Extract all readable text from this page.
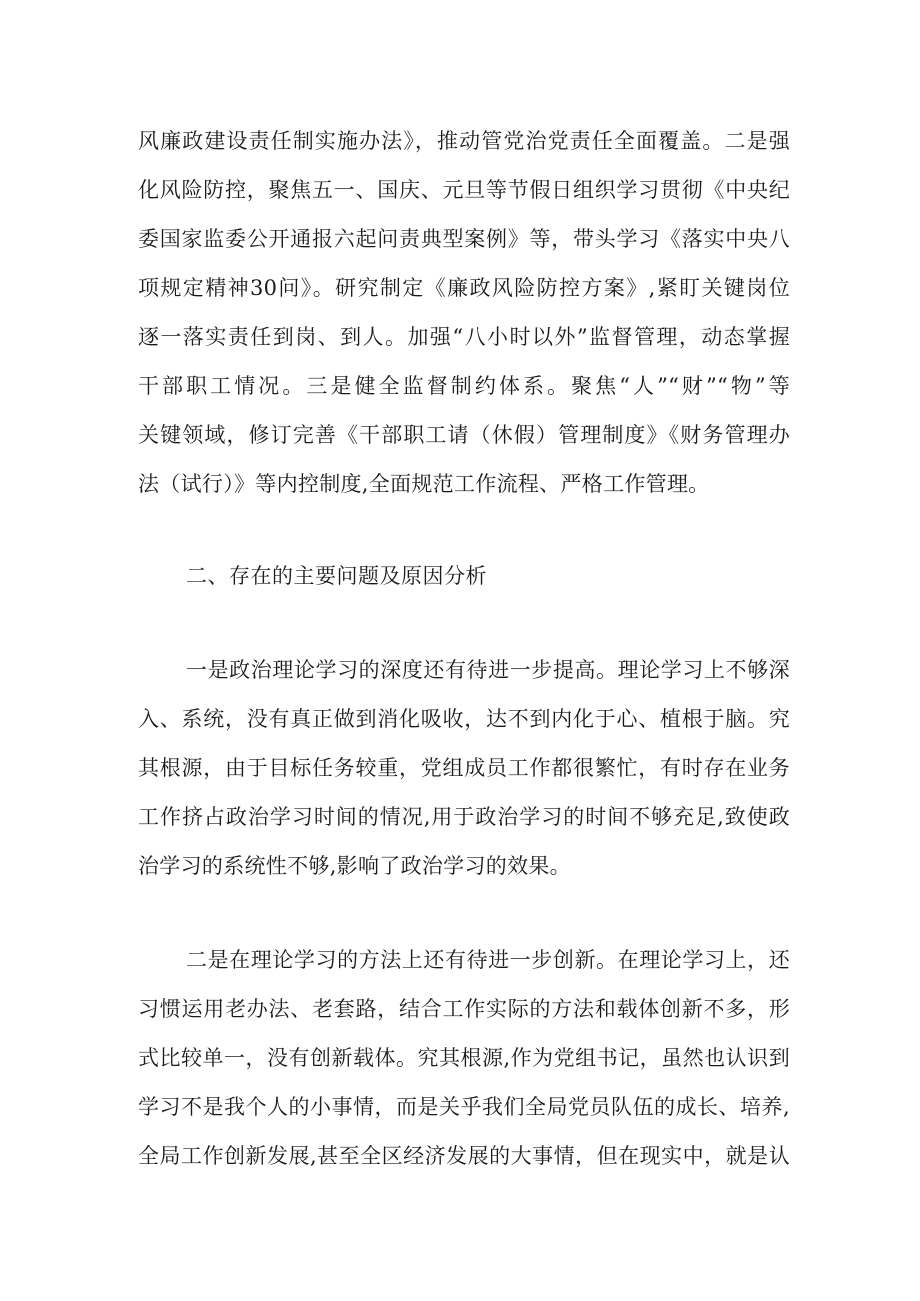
风廉政建设责任制实施办法》，推动管党治党责任全面覆盖。二是强
化风险防控，聚焦五一、国庆、元旦等节假日组织学习贯彻《中央纪
委国家监委公开通报六起问责典型案例》等，带头学习《落实中央八
项规定精神30问》。研究制定《廉政风险防控方案》,紧盯关键岗位
逐一落实责任到岗、到人。加强“八小时以外”监督管理，动态掌握
干部职工情况。三是健全监督制约体系。聚焦“人”“财”“物”等
关键领域，修订完善《干部职工请（休假）管理制度》《财务管理办
法（试行）》等内控制度,全面规范工作流程、严格工作管理。
二、存在的主要问题及原因分析
一是政治理论学习的深度还有待进一步提高。理论学习上不够深
入、系统，没有真正做到消化吸收，达不到内化于心、植根于脑。究
其根源，由于目标任务较重，党组成员工作都很繁忙，有时存在业务
工作挤占政治学习时间的情况,用于政治学习的时间不够充足,致使政
治学习的系统性不够,影响了政治学习的效果。
二是在理论学习的方法上还有待进一步创新。在理论学习上，还
习惯运用老办法、老套路，结合工作实际的方法和载体创新不多，形
式比较单一，没有创新载体。究其根源,作为党组书记，虽然也认识到
学习不是我个人的小事情，而是关乎我们全局党员队伍的成长、培养,
全局工作创新发展,甚至全区经济发展的大事情，但在现实中，就是认
